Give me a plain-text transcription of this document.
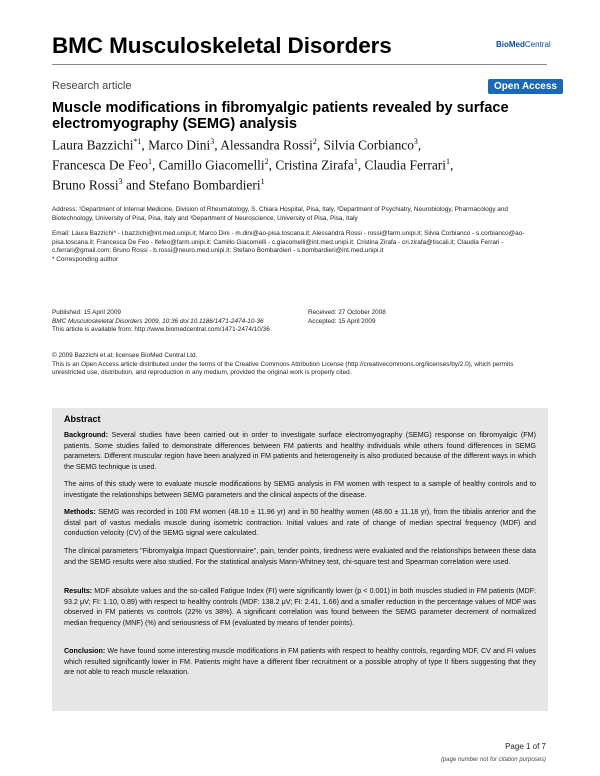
BMC Musculoskeletal Disorders	BioMedCentral
Research article	Open Access
Muscle modifications in fibromyalgic patients revealed by surface electromyography (SEMG) analysis
Laura Bazzichi$^{*1}$, Marco Dini$^3$, Alessandra Rossi$^2$, Silvia Corbianco$^3$,
Francesca De Feo$^1$, Camillo Giacomelli$^2$, Cristina Zirafa$^1$, Claudia Ferrari$^1$,
Bruno Rossi$^3$ and Stefano Bombardieri$^1$
Address: ¹Department of Internal Medicine, Division of Rheumatology, S. Chiara Hospital, Pisa, Italy, ²Department of Psychiatry, Neurobiology, Pharmacology and Biotechnology, University of Pisa, Pisa, Italy and ³Department of Neuroscience, University of Pisa, Pisa, Italy
Email: Laura Bazzichi* - l.bazzichi@int.med.unipi.it; Marco Dini - m.dini@ao-pisa.toscana.it; Alessandra Rossi - rossi@farm.unipi.it; Silvia Corbianco - s.corbianco@ao-pisa.toscana.it; Francesca De Feo - lfefeo@farm.unipi.it; Camillo Giacomelli - c.giacomelli@int.med.unipi.it; Cristina Zirafa - cri.zirafa@tiscali.it; Claudia Ferrari - c.ferrari@gmail.com; Bruno Rossi - b.rossi@neuro.med.unipi.it; Stefano Bombardieri - s.bombardieri@int.med.unipi.it
* Corresponding author
Published: 15 April 2009
BMC Musculoskeletal Disorders 2009, 10:36 doi:10.1186/1471-2474-10-36
This article is available from: http://www.biomedcentral.com/1471-2474/10/36
Received: 27 October 2008
Accepted: 15 April 2009
© 2009 Bazzichi et al; licensee BioMed Central Ltd.
This is an Open Access article distributed under the terms of the Creative Commons Attribution License (http://creativecommons.org/licenses/by/2.0), which permits unrestricted use, distribution, and reproduction in any medium, provided the original work is properly cited.
Abstract
Background: Several studies have been carried out in order to investigate surface electromyography (SEMG) response on fibromyalgic (FM) patients. Some studies failed to demonstrate differences between FM patients and healthy individuals while others found differences in SEMG parameters. Different muscular region have been analyzed in FM patients and heterogeneity is also produced because of the different ways in which the SEMG technique is used.
The aims of this study were to evaluate muscle modifications by SEMG analysis in FM women with respect to a sample of healthy controls and to investigate the relationships between SEMG parameters and the clinical aspects of the disease.
Methods: SEMG was recorded in 100 FM women (48.10 ± 11.96 yr) and in 50 healthy women (48.60 ± 11.18 yr), from the tibialis anterior and the distal part of vastus medialis muscle during isometric contraction. Initial values and rate of change of median spectral frequency (MDF) and conduction velocity (CV) of the SEMG signal were calculated.
The clinical parameters "Fibromyalgia Impact Questionnaire", pain, tender points, tiredness were evaluated and the relationships between these data and the SEMG results were also studied. For the statistical analysis Mann-Whitney test, chi-square test and Spearman correlation were used.
Results: MDF absolute values and the so-called Fatigue Index (FI) were significantly lower (p < 0.001) in both muscles studied in FM patients (MDF: 93.2 μV; FI: 1.10, 0.89) with respect to healthy controls (MDF: 138.2 μV; FI: 2.41, 1.66) and a smaller reduction in the percentage values of MDF was observed in FM patients vs controls (22% vs 38%). A significant correlation was found between the SEMG parameter decrement of normalized median frequency (MNF) (%) and seriousness of FM (evaluated by means of tender points).
Conclusion: We have found some interesting muscle modifications in FM patients with respect to healthy controls, regarding MDF, CV and FI values which resulted significantly lower in FM. Patients might have a different fiber recruitment or a possible atrophy of type II fibers suggesting that they are not able to reach muscle relaxation.
Page 1 of 7
(page number not for citation purposes)
